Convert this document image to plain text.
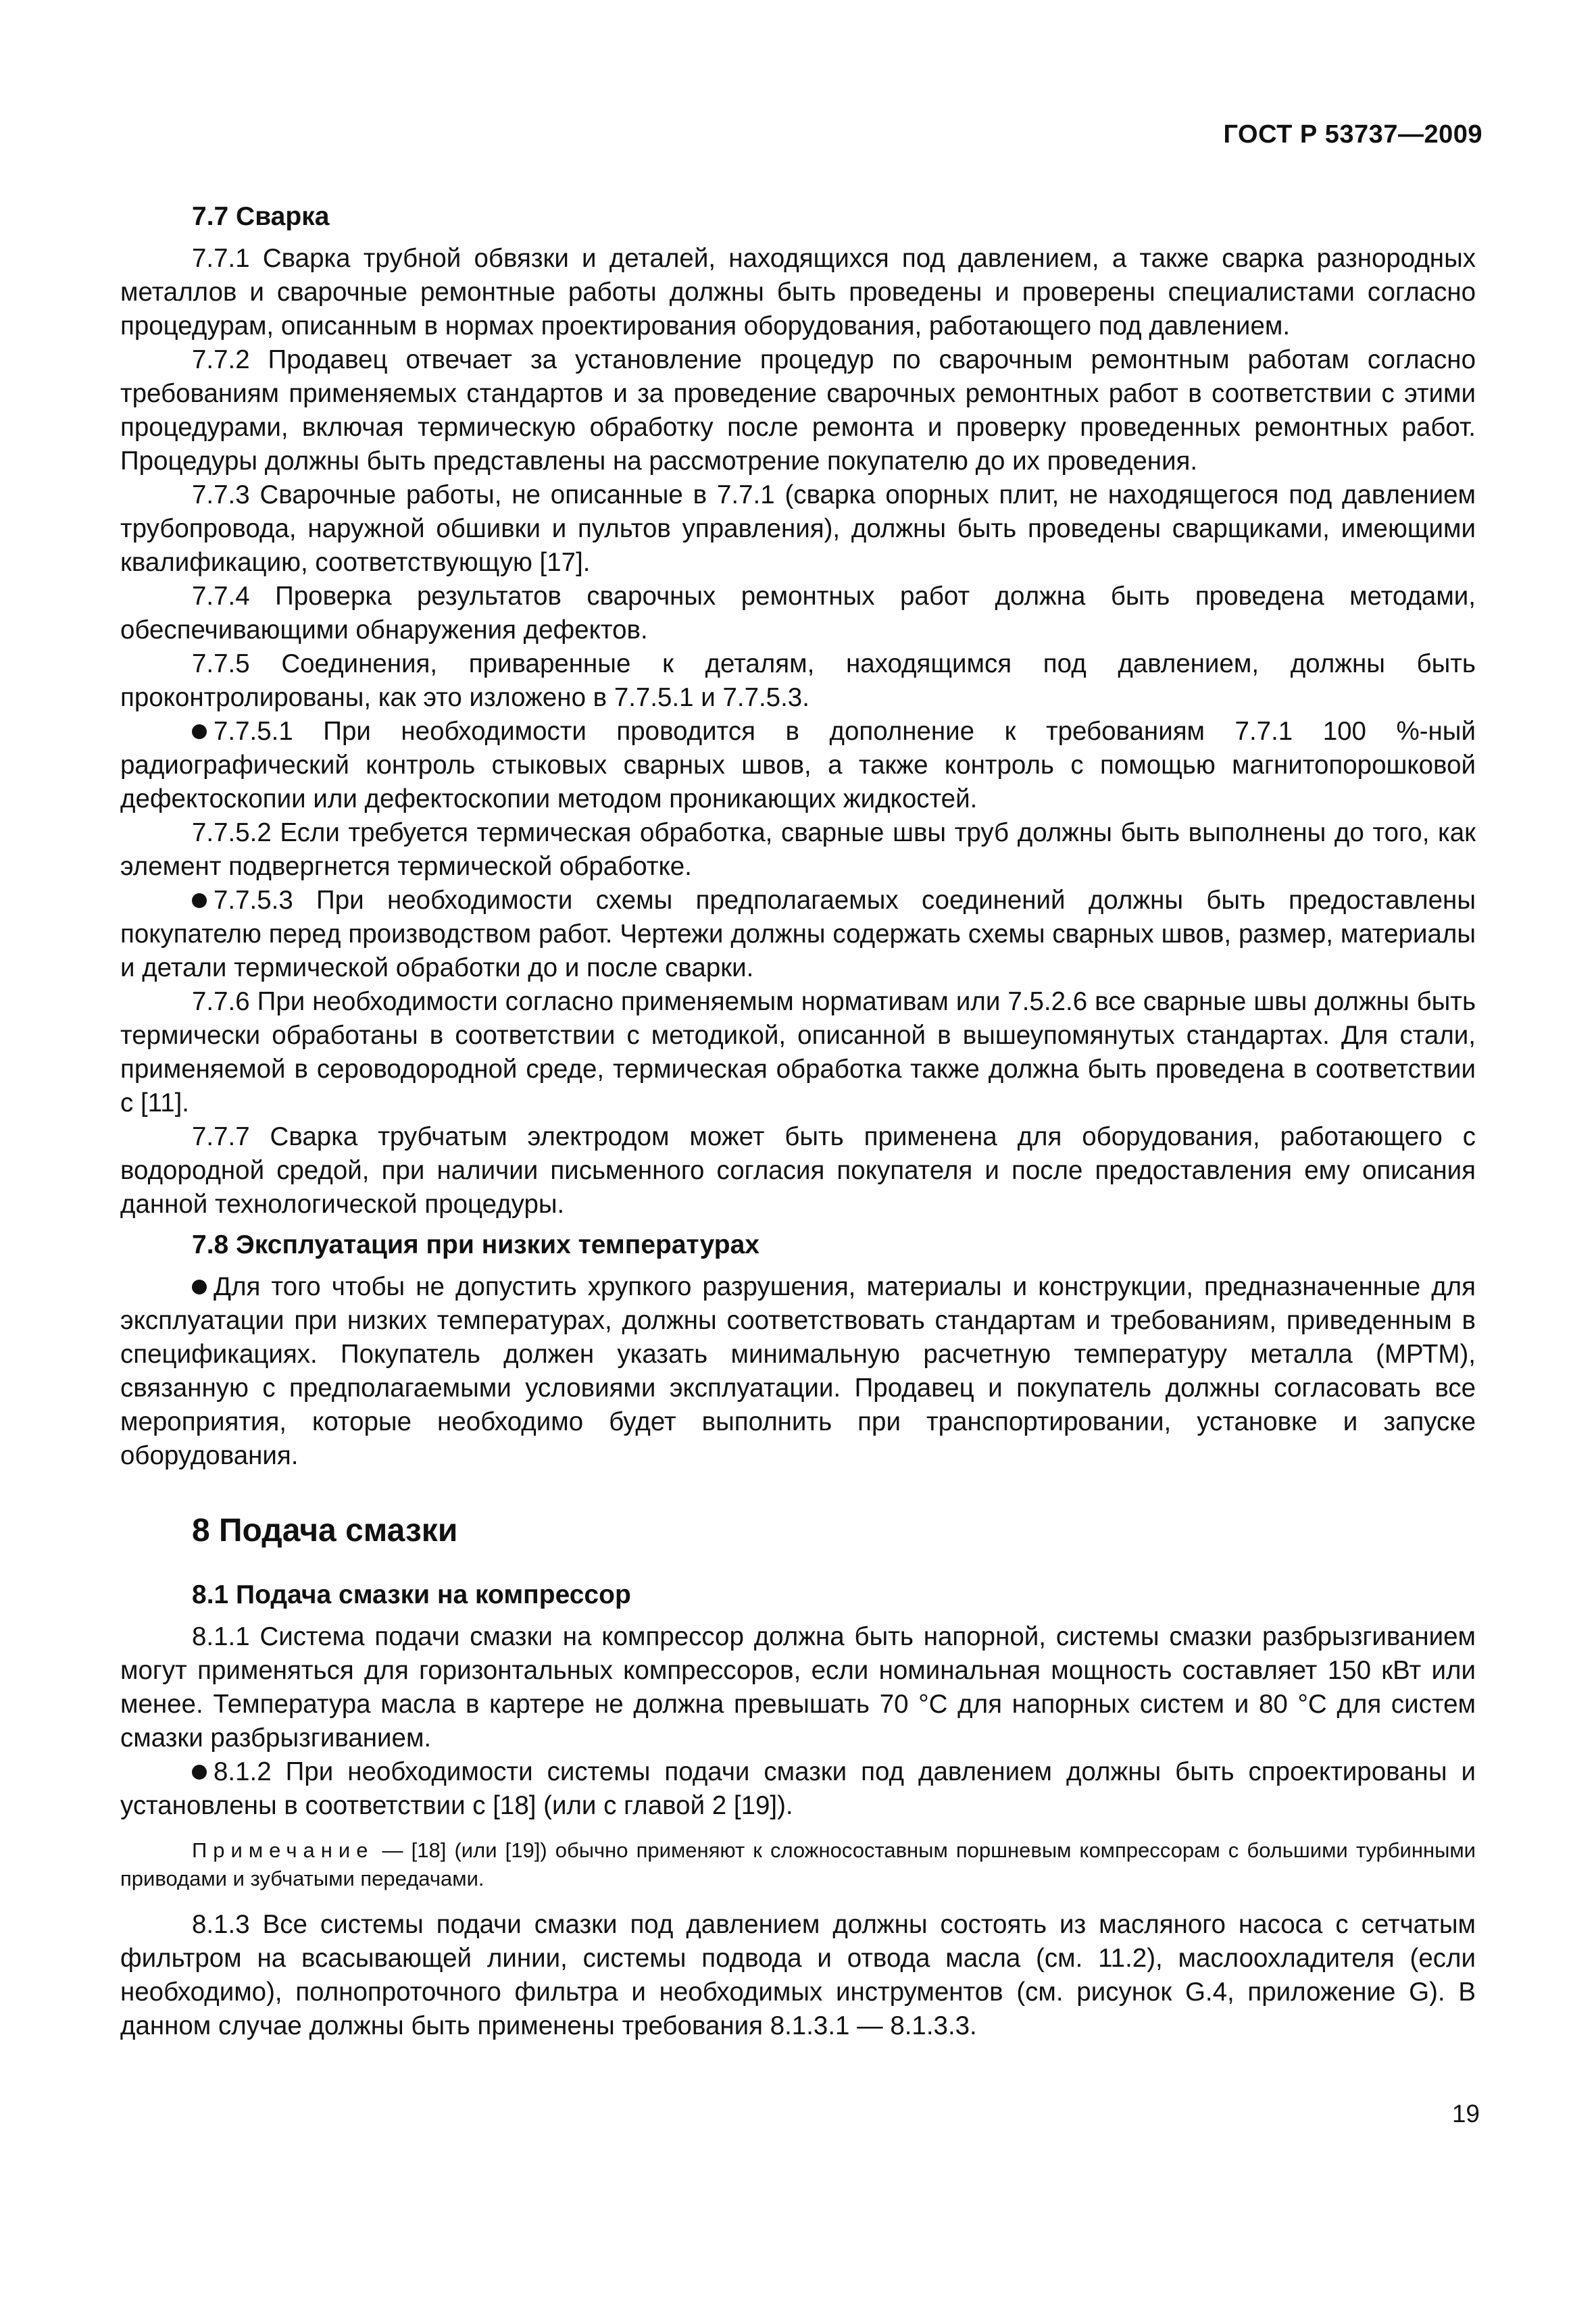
ГОСТ Р 53737—2009
7.7 Сварка

7.7.1 Сварка трубной обвязки и деталей, находящихся под давлением, а также сварка разнородных металлов и сварочные ремонтные работы должны быть проведены и проверены специалистами согласно процедурам, описанным в нормах проектирования оборудования, работающего под давлением.

7.7.2 Продавец отвечает за установление процедур по сварочным ремонтным работам согласно требованиям применяемых стандартов и за проведение сварочных ремонтных работ в соответствии с этими процедурами, включая термическую обработку после ремонта и проверку проведенных ремонтных работ. Процедуры должны быть представлены на рассмотрение покупателю до их проведения.

7.7.3 Сварочные работы, не описанные в 7.7.1 (сварка опорных плит, не находящегося под давлением трубопровода, наружной обшивки и пультов управления), должны быть проведены сварщиками, имеющими квалификацию, соответствующую [17].

7.7.4 Проверка результатов сварочных ремонтных работ должна быть проведена методами, обеспечивающими обнаружения дефектов.

7.7.5 Соединения, приваренные к деталям, находящимся под давлением, должны быть проконтролированы, как это изложено в 7.7.5.1 и 7.7.5.3.

7.7.5.1 При необходимости проводится в дополнение к требованиям 7.7.1 100 %-ный радиографический контроль стыковых сварных швов, а также контроль с помощью магнитопорошковой дефектоскопии или дефектоскопии методом проникающих жидкостей.

7.7.5.2 Если требуется термическая обработка, сварные швы труб должны быть выполнены до того, как элемент подвергнется термической обработке.

7.7.5.3 При необходимости схемы предполагаемых соединений должны быть предоставлены покупателю перед производством работ. Чертежи должны содержать схемы сварных швов, размер, материалы и детали термической обработки до и после сварки.

7.7.6 При необходимости согласно применяемым нормативам или 7.5.2.6 все сварные швы должны быть термически обработаны в соответствии с методикой, описанной в вышеупомянутых стандартах. Для стали, применяемой в сероводородной среде, термическая обработка также должна быть проведена в соответствии с [11].

7.7.7 Сварка трубчатым электродом может быть применена для оборудования, работающего с водородной средой, при наличии письменного согласия покупателя и после предоставления ему описания данной технологической процедуры.

7.8 Эксплуатация при низких температурах

Для того чтобы не допустить хрупкого разрушения, материалы и конструкции, предназначенные для эксплуатации при низких температурах, должны соответствовать стандартам и требованиям, приведенным в спецификациях. Покупатель должен указать минимальную расчетную температуру металла (МРТМ), связанную с предполагаемыми условиями эксплуатации. Продавец и покупатель должны согласовать все мероприятия, которые необходимо будет выполнить при транспортировании, установке и запуске оборудования.

8 Подача смазки
8.1 Подача смазки на компрессор

8.1.1 Система подачи смазки на компрессор должна быть напорной, системы смазки разбрызгиванием могут применяться для горизонтальных компрессоров, если номинальная мощность составляет 150 кВт или менее. Температура масла в картере не должна превышать 70 °С для напорных систем и 80 °С для систем смазки разбрызгиванием.

8.1.2 При необходимости системы подачи смазки под давлением должны быть спроектированы и установлены в соответствии с [18] (или с главой 2 [19]).

Примечание — [18] (или [19]) обычно применяют к сложносоставным поршневым компрессорам с большими турбинными приводами и зубчатыми передачами.

8.1.3 Все системы подачи смазки под давлением должны состоять из масляного насоса с сетчатым фильтром на всасывающей линии, системы подвода и отвода масла (см. 11.2), маслоохладителя (если необходимо), полнопроточного фильтра и необходимых инструментов (см. рисунок G.4, приложение G). В данном случае должны быть применены требования 8.1.3.1 — 8.1.3.3.

19
